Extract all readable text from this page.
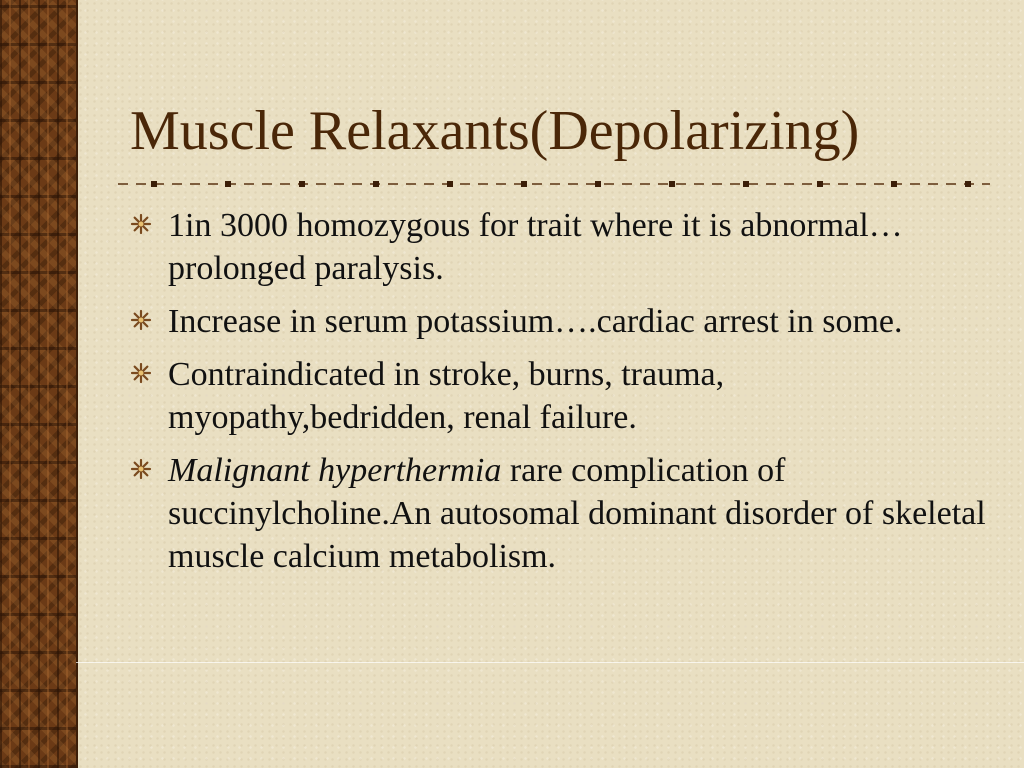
Muscle Relaxants(Depolarizing)
1in 3000 homozygous for trait where it is abnormal…prolonged paralysis.
Increase in serum potassium….cardiac arrest in some.
Contraindicated in stroke, burns, trauma, myopathy,bedridden, renal failure.
Malignant hyperthermia rare complication of succinylcholine.An autosomal dominant disorder of skeletal muscle calcium metabolism.
